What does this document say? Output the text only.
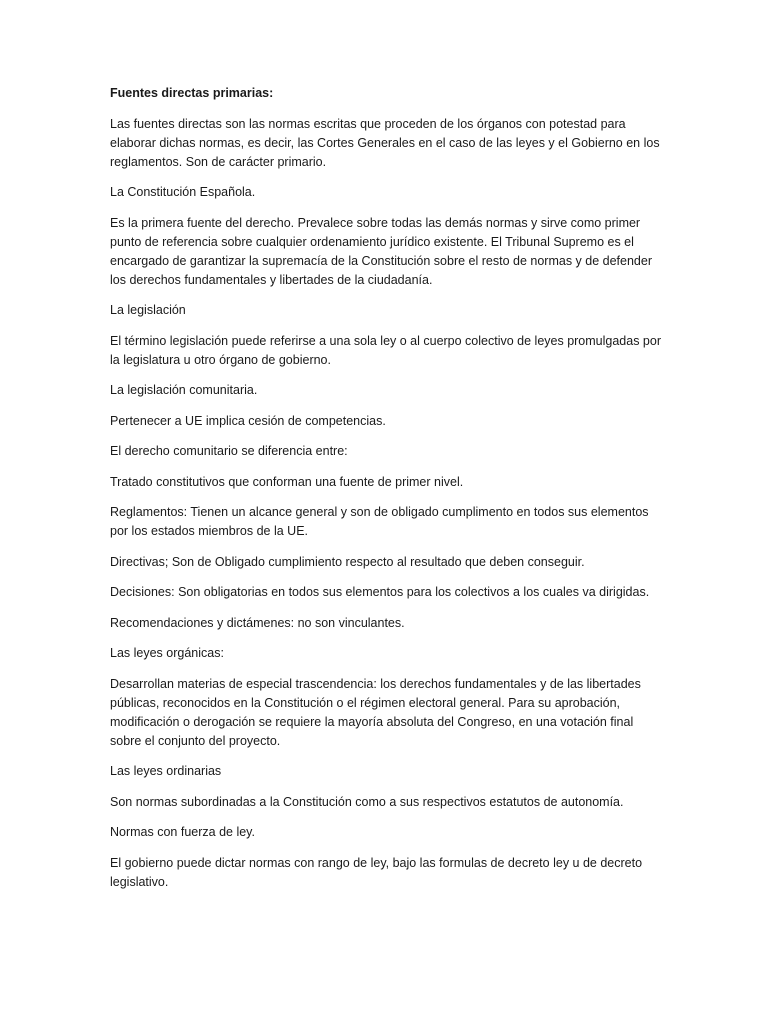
Fuentes directas primarias:

Las fuentes directas son las normas escritas que proceden de los órganos con potestad para elaborar dichas normas, es decir, las Cortes Generales en el caso de las leyes y el Gobierno en los reglamentos. Son de carácter primario.

La Constitución Española.

Es la primera fuente del derecho. Prevalece sobre todas las demás normas y sirve como primer punto de referencia sobre cualquier ordenamiento jurídico existente. El Tribunal Supremo es el encargado de garantizar la supremacía de la Constitución sobre el resto de normas y de defender los derechos fundamentales y libertades de la ciudadanía.

La legislación

El término legislación puede referirse a una sola ley o al cuerpo colectivo de leyes promulgadas por la legislatura u otro órgano de gobierno.

La legislación comunitaria.

Pertenecer a UE implica cesión de competencias.

El derecho comunitario se diferencia entre:

Tratado constitutivos que conforman una fuente de primer nivel.

Reglamentos: Tienen un alcance general y son de obligado cumplimento en todos sus elementos por los estados miembros de la UE.

Directivas; Son de Obligado cumplimiento respecto al resultado que deben conseguir.

Decisiones: Son obligatorias en todos sus elementos para los colectivos a los cuales va dirigidas.

Recomendaciones y dictámenes: no son vinculantes.

Las leyes orgánicas:

Desarrollan materias de especial trascendencia: los derechos fundamentales y de las libertades públicas, reconocidos en la Constitución o el régimen electoral general. Para su aprobación, modificación o derogación se requiere la mayoría absoluta del Congreso, en una votación final sobre el conjunto del proyecto.

Las leyes ordinarias

Son normas subordinadas a la Constitución como a sus respectivos estatutos de autonomía.

Normas con fuerza de ley.

El gobierno puede dictar normas con rango de ley, bajo las formulas de decreto ley u de decreto legislativo.
